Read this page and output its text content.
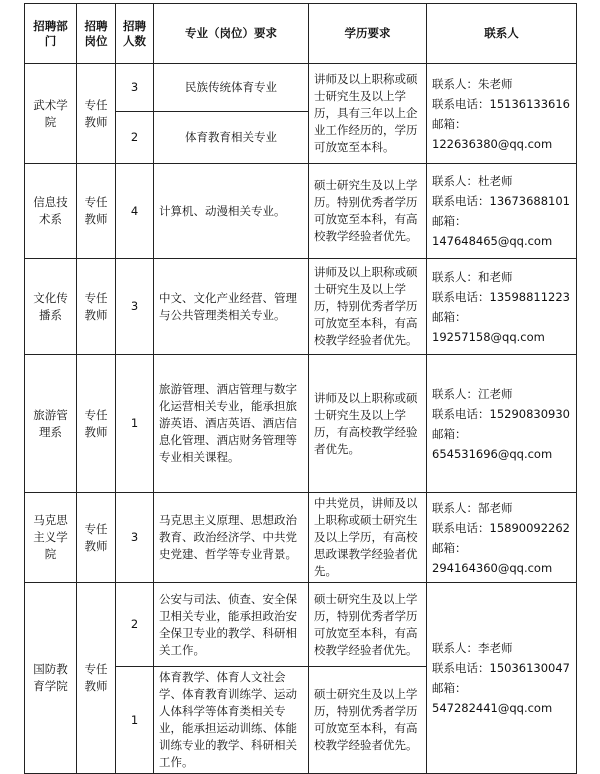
招聘部门	招聘岗位	招聘人数	专业（岗位）要求	学历要求	联系人
武术学院	专任教师	3	民族传统体育专业	讲师及以上职称或硕士研究生及以上学历，具有三年以上企业工作经历的，学历可放宽至本科。	联系人：朱老师
联系电话：15136133616
邮箱：
122636380@qq.com

		2	体育教育相关专业		
信息技术系	专任教师	4	计算机、动漫相关专业。	硕士研究生及以上学历。特别优秀者学历可放宽至本科，有高校教学经验者优先。	联系人：杜老师
联系电话：13673688101
邮箱：
147648465@qq.com

文化传播系	专任教师	3	中文、文化产业经营、管理与公共管理类相关专业。	讲师及以上职称或硕士研究生及以上学历，特别优秀者学历可放宽至本科，有高校教学经验者优先。	联系人：和老师
联系电话：13598811223
邮箱：
19257158@qq.com

旅游管理系	专任教师	1	旅游管理、酒店管理与数字化运营相关专业，能承担旅游英语、酒店英语、酒店信息化管理、酒店财务管理等专业相关课程。	讲师及以上职称或硕士研究生及以上学历，有高校教学经验者优先。	联系人：江老师
联系电话：15290830930
邮箱：
654531696@qq.com

马克思主义学院	专任教师	3	马克思主义原理、思想政治教育、政治经济学、中共党史党建、哲学等专业背景。	中共党员，讲师及以上职称或硕士研究生及以上学历，有高校思政课教学经验者优先。	联系人：郜老师
联系电话：15890092262
邮箱：
294164360@qq.com

国防教育学院	专任教师	2	公安与司法、侦查、安全保卫相关专业，能承担政治安全保卫专业的教学、科研相关工作。	硕士研究生及以上学历，特别优秀者学历可放宽至本科，有高校教学经验者优先。	联系人：李老师
联系电话：15036130047
邮箱：
547282441@qq.com

		1	体育教学、体育人文社会学、体育教育训练学、运动人体科学等体育类相关专业，能承担运动训练、体能训练专业的教学、科研相关工作。	硕士研究生及以上学历，特别优秀者学历可放宽至本科，有高校教学经验者优先。	
